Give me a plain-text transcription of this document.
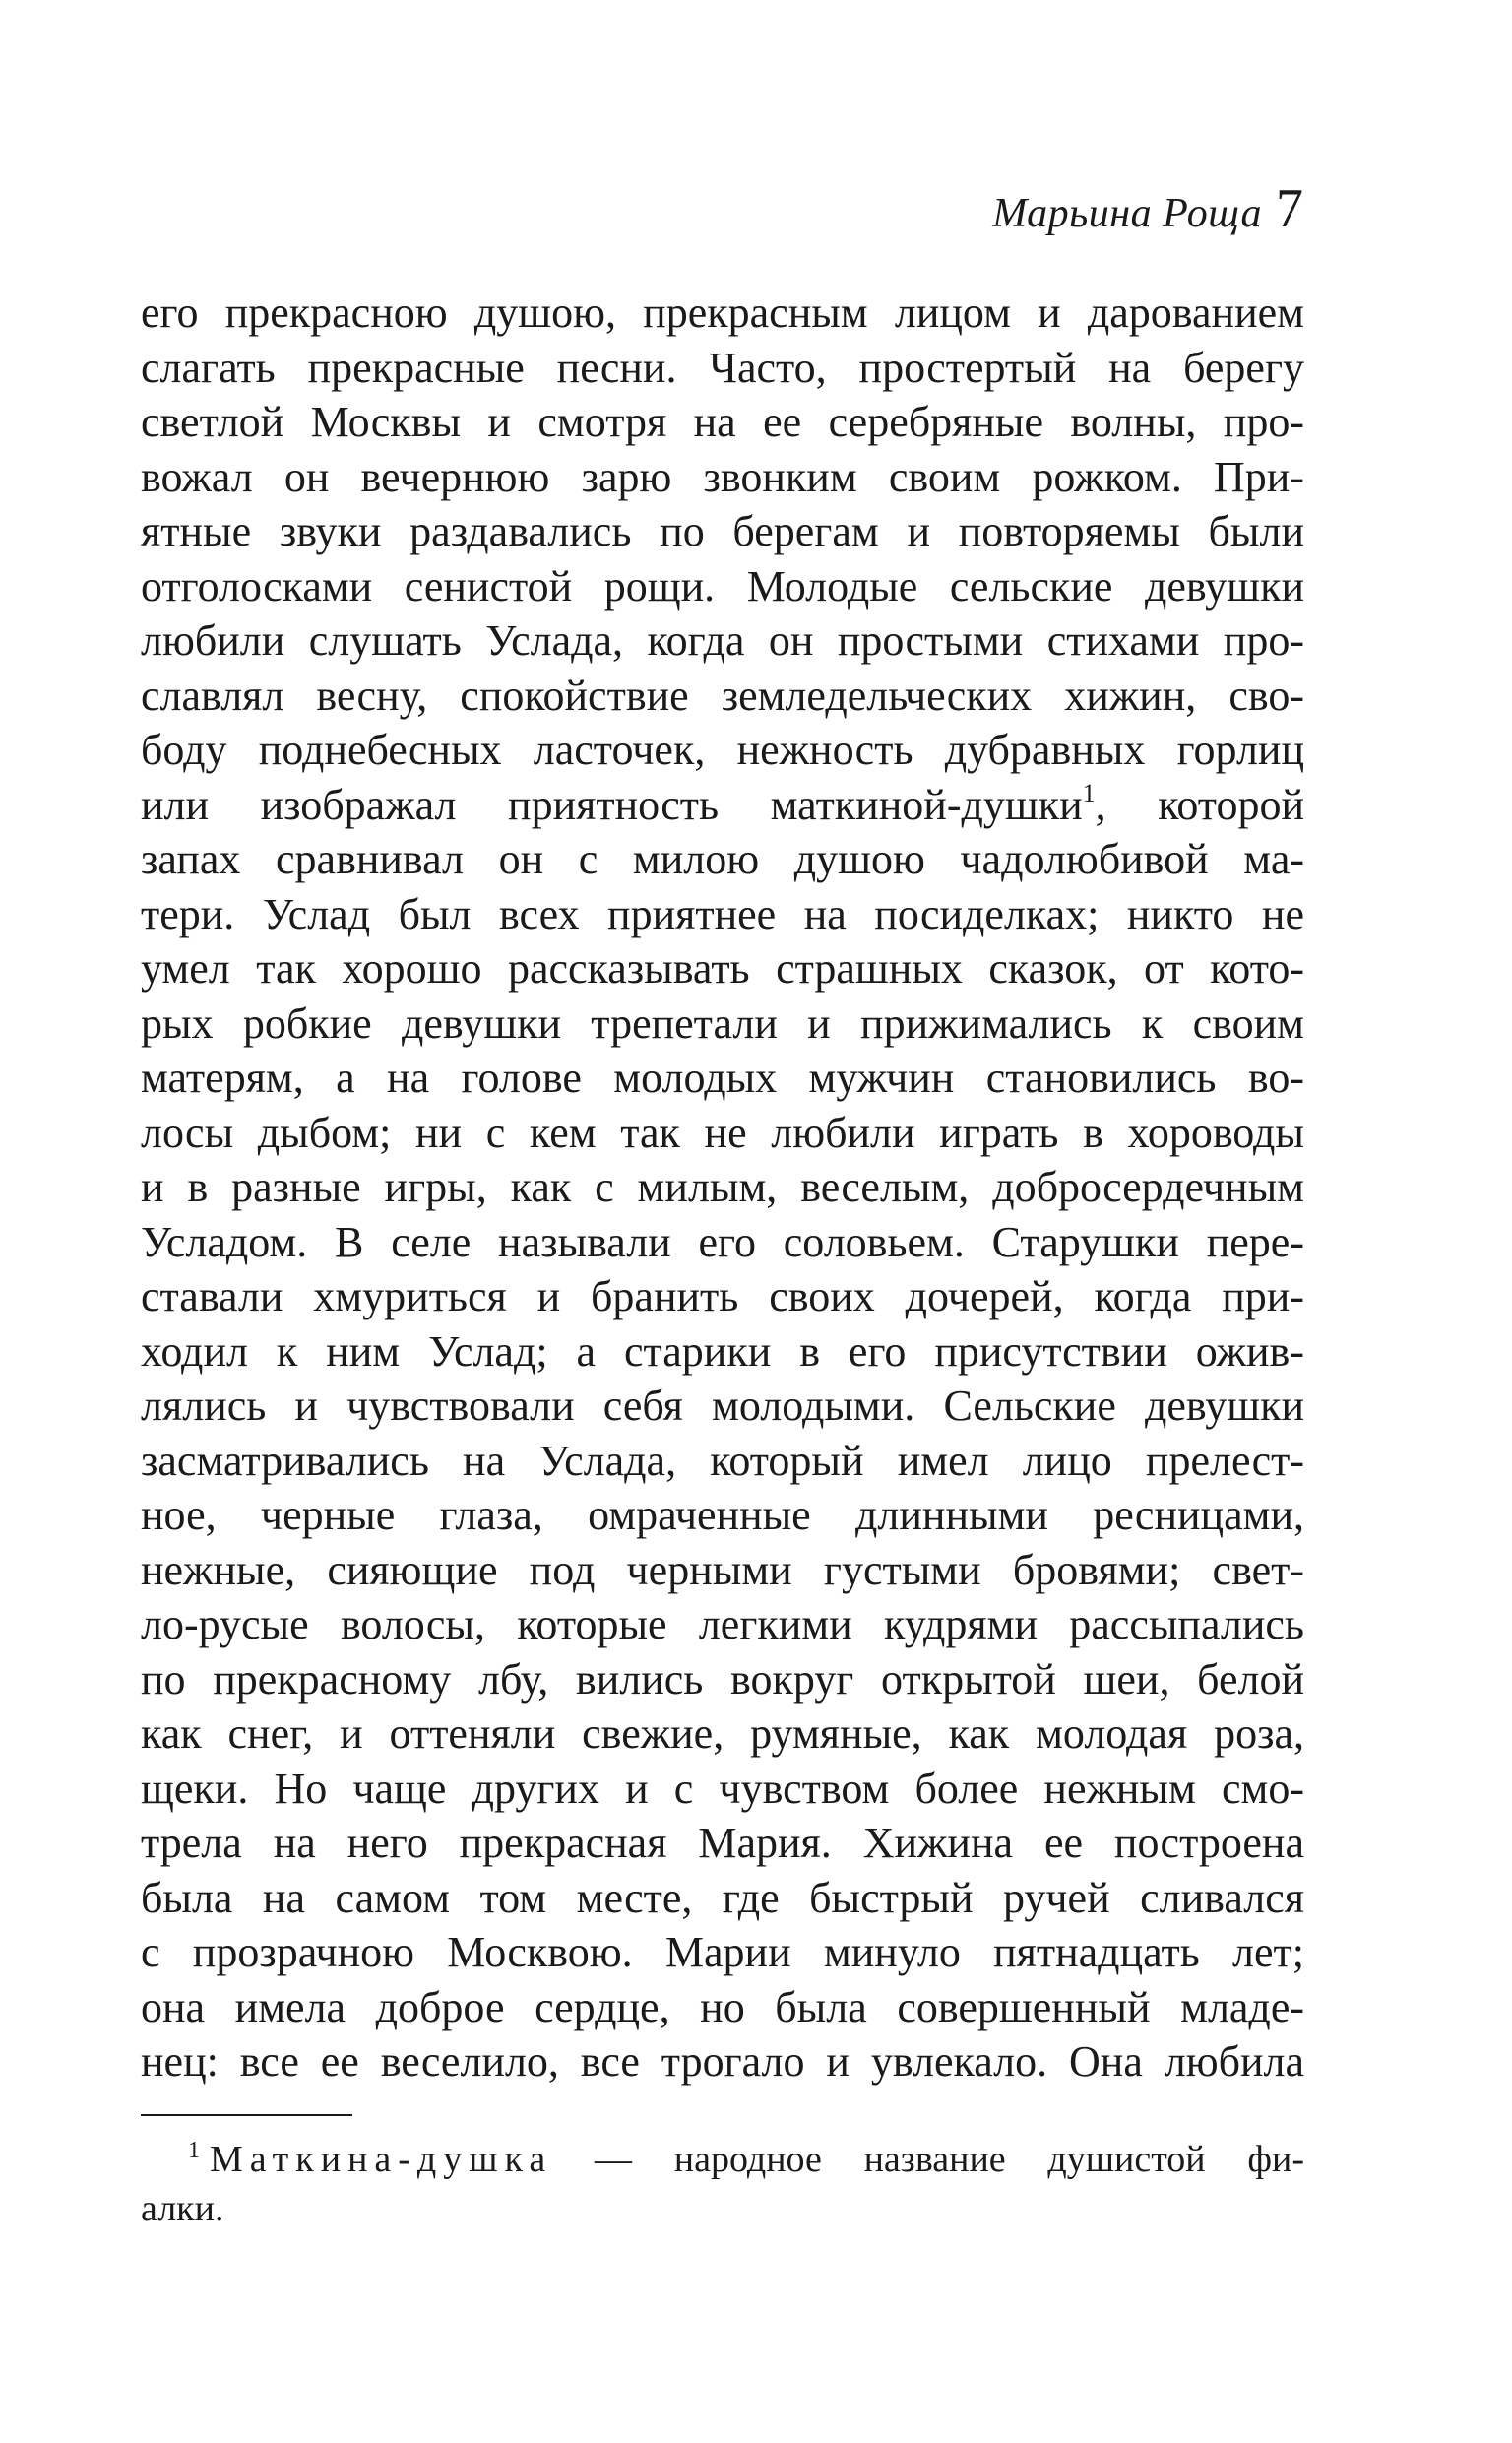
Марьина Роща 7
его прекрасною душою, прекрасным лицом и дарованием
слагать прекрасные песни. Часто, простертый на берегу
светлой Москвы и смотря на ее серебряные волны, про-
вожал он вечернюю зарю звонким своим рожком. При-
ятные звуки раздавались по берегам и повторяемы были
отголосками сенистой рощи. Молодые сельские девушки
любили слушать Услада, когда он простыми стихами про-
славлял весну, спокойствие земледельческих хижин, сво-
боду поднебесных ласточек, нежность дубравных горлиц
или изображал приятность маткиной-душки$^1$, которой
запах сравнивал он с милою душою чадолюбивой ма-
тери. Услад был всех приятнее на посиделках; никто не
умел так хорошо рассказывать страшных сказок, от кото-
рых робкие девушки трепетали и прижимались к своим
матерям, а на голове молодых мужчин становились во-
лосы дыбом; ни с кем так не любили играть в хороводы
и в разные игры, как с милым, веселым, добросердечным
Усладом. В селе называли его соловьем. Старушки пере-
ставали хмуриться и бранить своих дочерей, когда при-
ходил к ним Услад; а старики в его присутствии ожив-
лялись и чувствовали себя молодыми. Сельские девушки
засматривались на Услада, который имел лицо прелест-
ное, черные глаза, омраченные длинными ресницами,
нежные, сияющие под черными густыми бровями; свет-
ло-русые волосы, которые легкими кудрями рассыпались
по прекрасному лбу, вились вокруг открытой шеи, белой
как снег, и оттеняли свежие, румяные, как молодая роза,
щеки. Но чаще других и с чувством более нежным смо-
трела на него прекрасная Мария. Хижина ее построена
была на самом том месте, где быстрый ручей сливался
с прозрачною Москвою. Марии минуло пятнадцать лет;
она имела доброе сердце, но была совершенный младе-
нец: все ее веселило, все трогало и увлекало. Она любила
$^1$ Маткина-душка — народное название душистой фи-
алки.
